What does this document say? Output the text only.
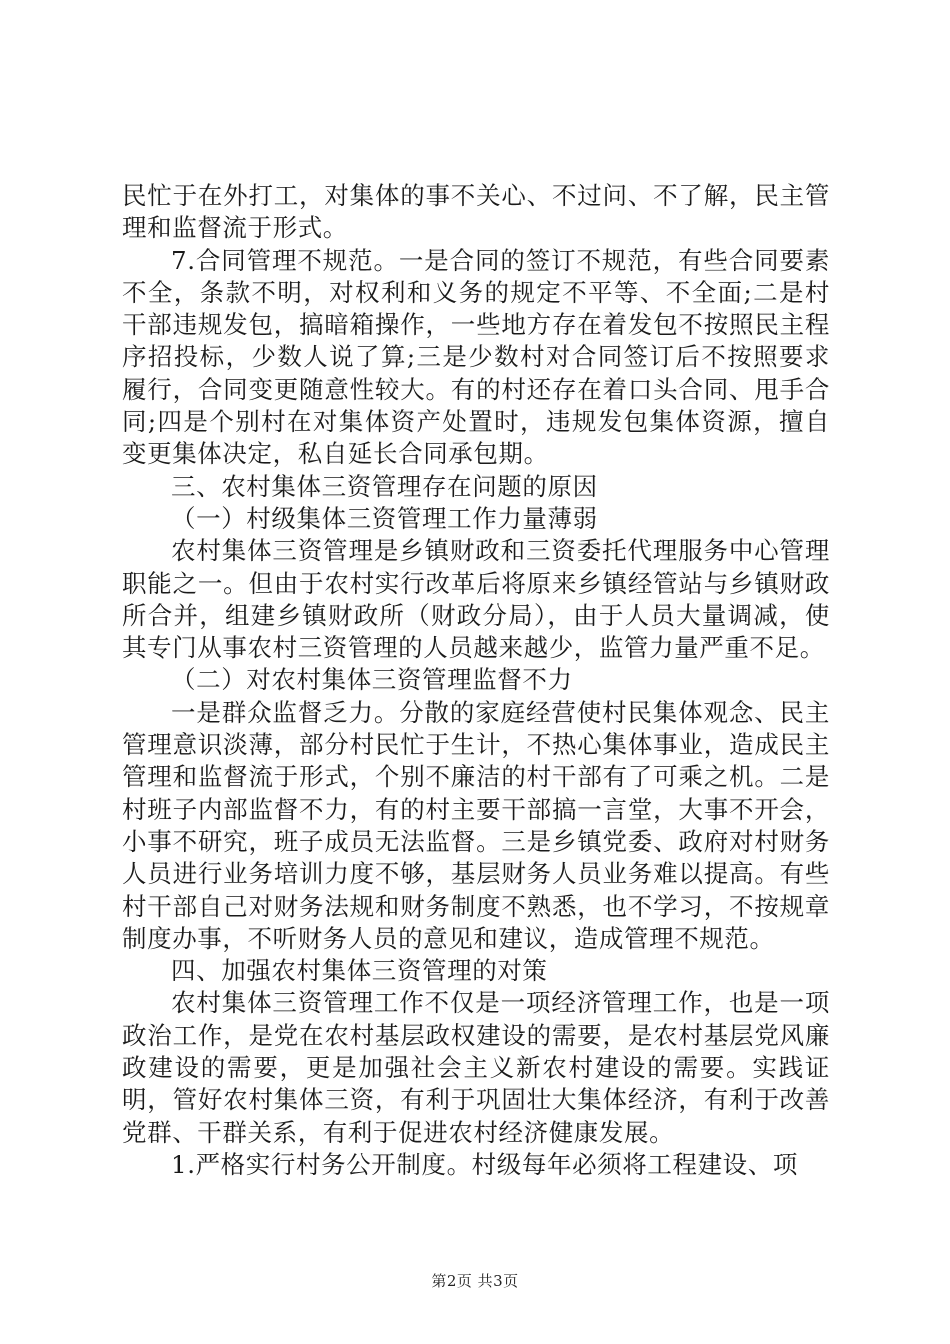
民忙于在外打工，对集体的事不关心、不过问、不了解，民主管理和监督流于形式。

7.合同管理不规范。一是合同的签订不规范，有些合同要素不全，条款不明，对权利和义务的规定不平等、不全面;二是村干部违规发包，搞暗箱操作，一些地方存在着发包不按照民主程序招投标，少数人说了算;三是少数村对合同签订后不按照要求履行，合同变更随意性较大。有的村还存在着口头合同、甩手合同;四是个别村在对集体资产处置时，违规发包集体资源，擅自变更集体决定，私自延长合同承包期。

三、农村集体三资管理存在问题的原因

（一）村级集体三资管理工作力量薄弱

农村集体三资管理是乡镇财政和三资委托代理服务中心管理职能之一。但由于农村实行改革后将原来乡镇经管站与乡镇财政所合并，组建乡镇财政所（财政分局），由于人员大量调减，使其专门从事农村三资管理的人员越来越少，监管力量严重不足。

（二）对农村集体三资管理监督不力

一是群众监督乏力。分散的家庭经营使村民集体观念、民主管理意识淡薄，部分村民忙于生计，不热心集体事业，造成民主管理和监督流于形式，个别不廉洁的村干部有了可乘之机。二是村班子内部监督不力，有的村主要干部搞一言堂，大事不开会，小事不研究，班子成员无法监督。三是乡镇党委、政府对村财务人员进行业务培训力度不够，基层财务人员业务难以提高。有些村干部自己对财务法规和财务制度不熟悉，也不学习，不按规章制度办事，不听财务人员的意见和建议，造成管理不规范。

四、加强农村集体三资管理的对策

农村集体三资管理工作不仅是一项经济管理工作，也是一项政治工作，是党在农村基层政权建设的需要，是农村基层党风廉政建设的需要，更是加强社会主义新农村建设的需要。实践证明，管好农村集体三资，有利于巩固壮大集体经济，有利于改善党群、干群关系，有利于促进农村经济健康发展。

1.严格实行村务公开制度。村级每年必须将工程建设、项

第2页 共3页
